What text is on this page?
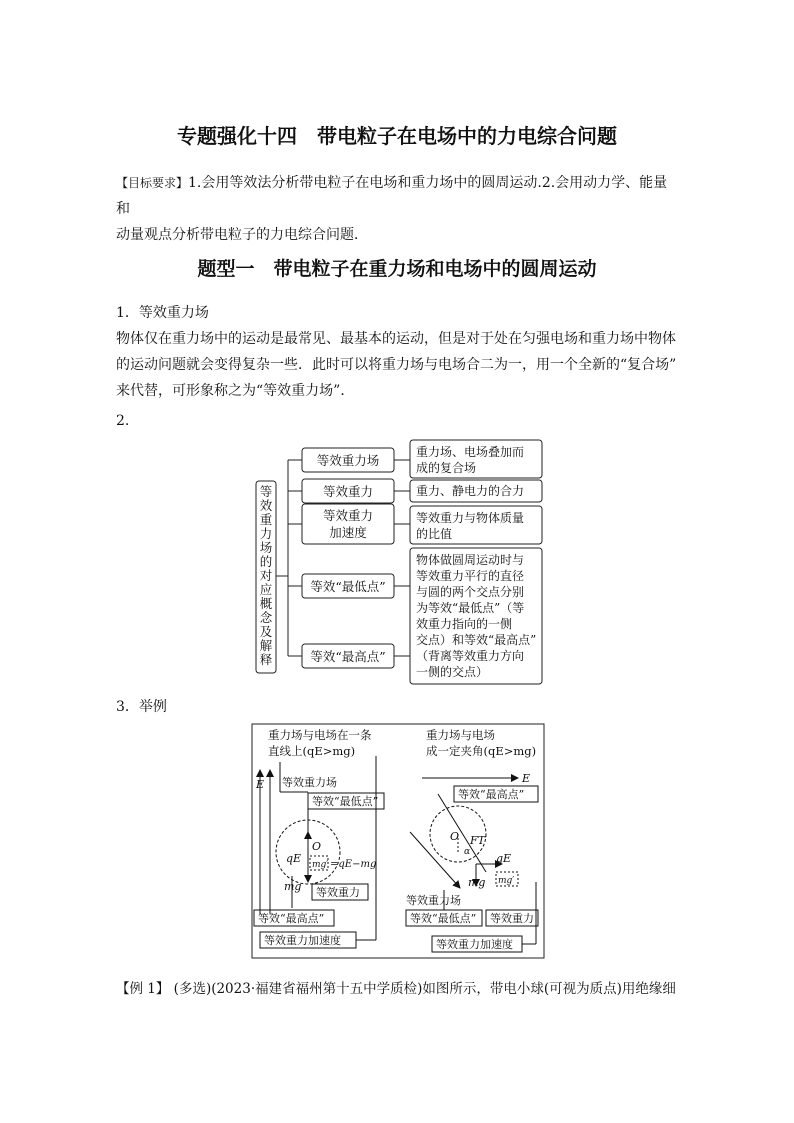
专题强化十四　带电粒子在电场中的力电综合问题
【目标要求】1.会用等效法分析带电粒子在电场和重力场中的圆周运动.2.会用动力学、能量和
动量观点分析带电粒子的力电综合问题．
题型一　带电粒子在重力场和电场中的圆周运动
1．等效重力场
物体仅在重力场中的运动是最常见、最基本的运动，但是对于处在匀强电场和重力场中物体
的运动问题就会变得复杂一些．此时可以将重力场与电场合二为一，用一个全新的“复合场”
来代替，可形象称之为“等效重力场”．
2.
等
效
重
力
场
的
对
应
概
念
及
解
释
等效重力场
等效重力
等效重力
加速度
等效“最低点”
等效“最高点”
重力场、电场叠加而
成的复合场
重力、静电力的合力
等效重力与物体质量
的比值
物体做圆周运动时与
等效重力平行的直径
与圆的两个交点分别
为等效“最低点”（等
效重力指向的一侧
交点）和等效“最高点”
（背离等效重力方向
一侧的交点）
3．举例
重力场与电场在一条
直线上(qE>mg)
E 等效重力场
等效“最低点”
O
qE mg′ =qE−mg
mg 等效重力
等效“最高点”
等效重力加速度
重力场与电场
成一定夹角(qE>mg)
E
等效“最高点”
O FT
α qE
mg mg′
等效重力场
等效“最低点” 等效重力
等效重力加速度
【例 1】 (多选)(2023·福建省福州第十五中学质检)如图所示，带电小球(可视为质点)用绝缘细
